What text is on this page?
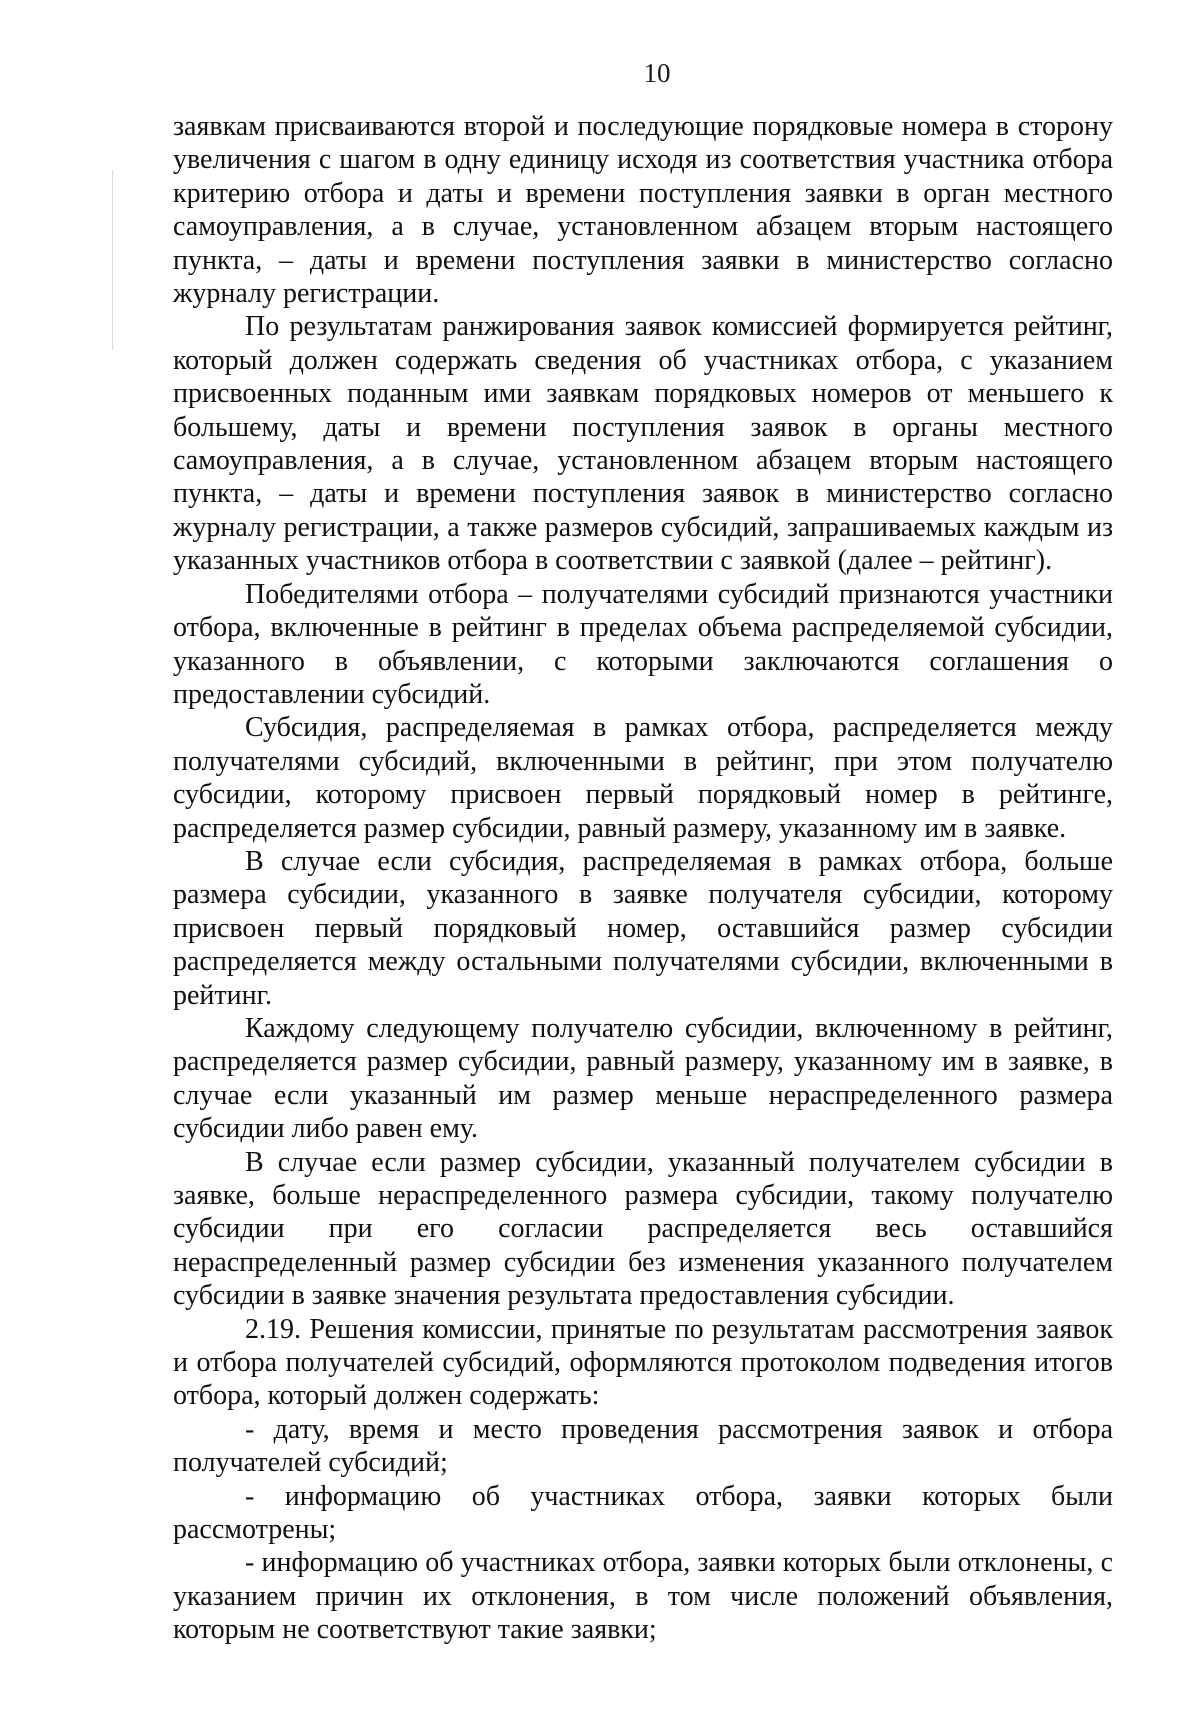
10

заявкам присваиваются второй и последующие порядковые номера в сторону увеличения с шагом в одну единицу исходя из соответствия участника отбора критерию отбора и даты и времени поступления заявки в орган местного самоуправления, а в случае, установленном абзацем вторым настоящего пункта, – даты и времени поступления заявки в министерство согласно журналу регистрации.

По результатам ранжирования заявок комиссией формируется рейтинг, который должен содержать сведения об участниках отбора, с указанием присвоенных поданным ими заявкам порядковых номеров от меньшего к большему, даты и времени поступления заявок в органы местного самоуправления, а в случае, установленном абзацем вторым настоящего пункта, – даты и времени поступления заявок в министерство согласно журналу регистрации, а также размеров субсидий, запрашиваемых каждым из указанных участников отбора в соответствии с заявкой (далее – рейтинг).

Победителями отбора – получателями субсидий признаются участники отбора, включенные в рейтинг в пределах объема распределяемой субсидии, указанного в объявлении, с которыми заключаются соглашения о предоставлении субсидий.

Субсидия, распределяемая в рамках отбора, распределяется между получателями субсидий, включенными в рейтинг, при этом получателю субсидии, которому присвоен первый порядковый номер в рейтинге, распределяется размер субсидии, равный размеру, указанному им в заявке.

В случае если субсидия, распределяемая в рамках отбора, больше размера субсидии, указанного в заявке получателя субсидии, которому присвоен первый порядковый номер, оставшийся размер субсидии распределяется между остальными получателями субсидии, включенными в рейтинг.

Каждому следующему получателю субсидии, включенному в рейтинг, распределяется размер субсидии, равный размеру, указанному им в заявке, в случае если указанный им размер меньше нераспределенного размера субсидии либо равен ему.

В случае если размер субсидии, указанный получателем субсидии в заявке, больше нераспределенного размера субсидии, такому получателю субсидии при его согласии распределяется весь оставшийся нераспределенный размер субсидии без изменения указанного получателем субсидии в заявке значения результата предоставления субсидии.

2.19. Решения комиссии, принятые по результатам рассмотрения заявок и отбора получателей субсидий, оформляются протоколом подведения итогов отбора, который должен содержать:

- дату, время и место проведения рассмотрения заявок и отбора получателей субсидий;

- информацию об участниках отбора, заявки которых были рассмотрены;

- информацию об участниках отбора, заявки которых были отклонены, с указанием причин их отклонения, в том числе положений объявления, которым не соответствуют такие заявки;
